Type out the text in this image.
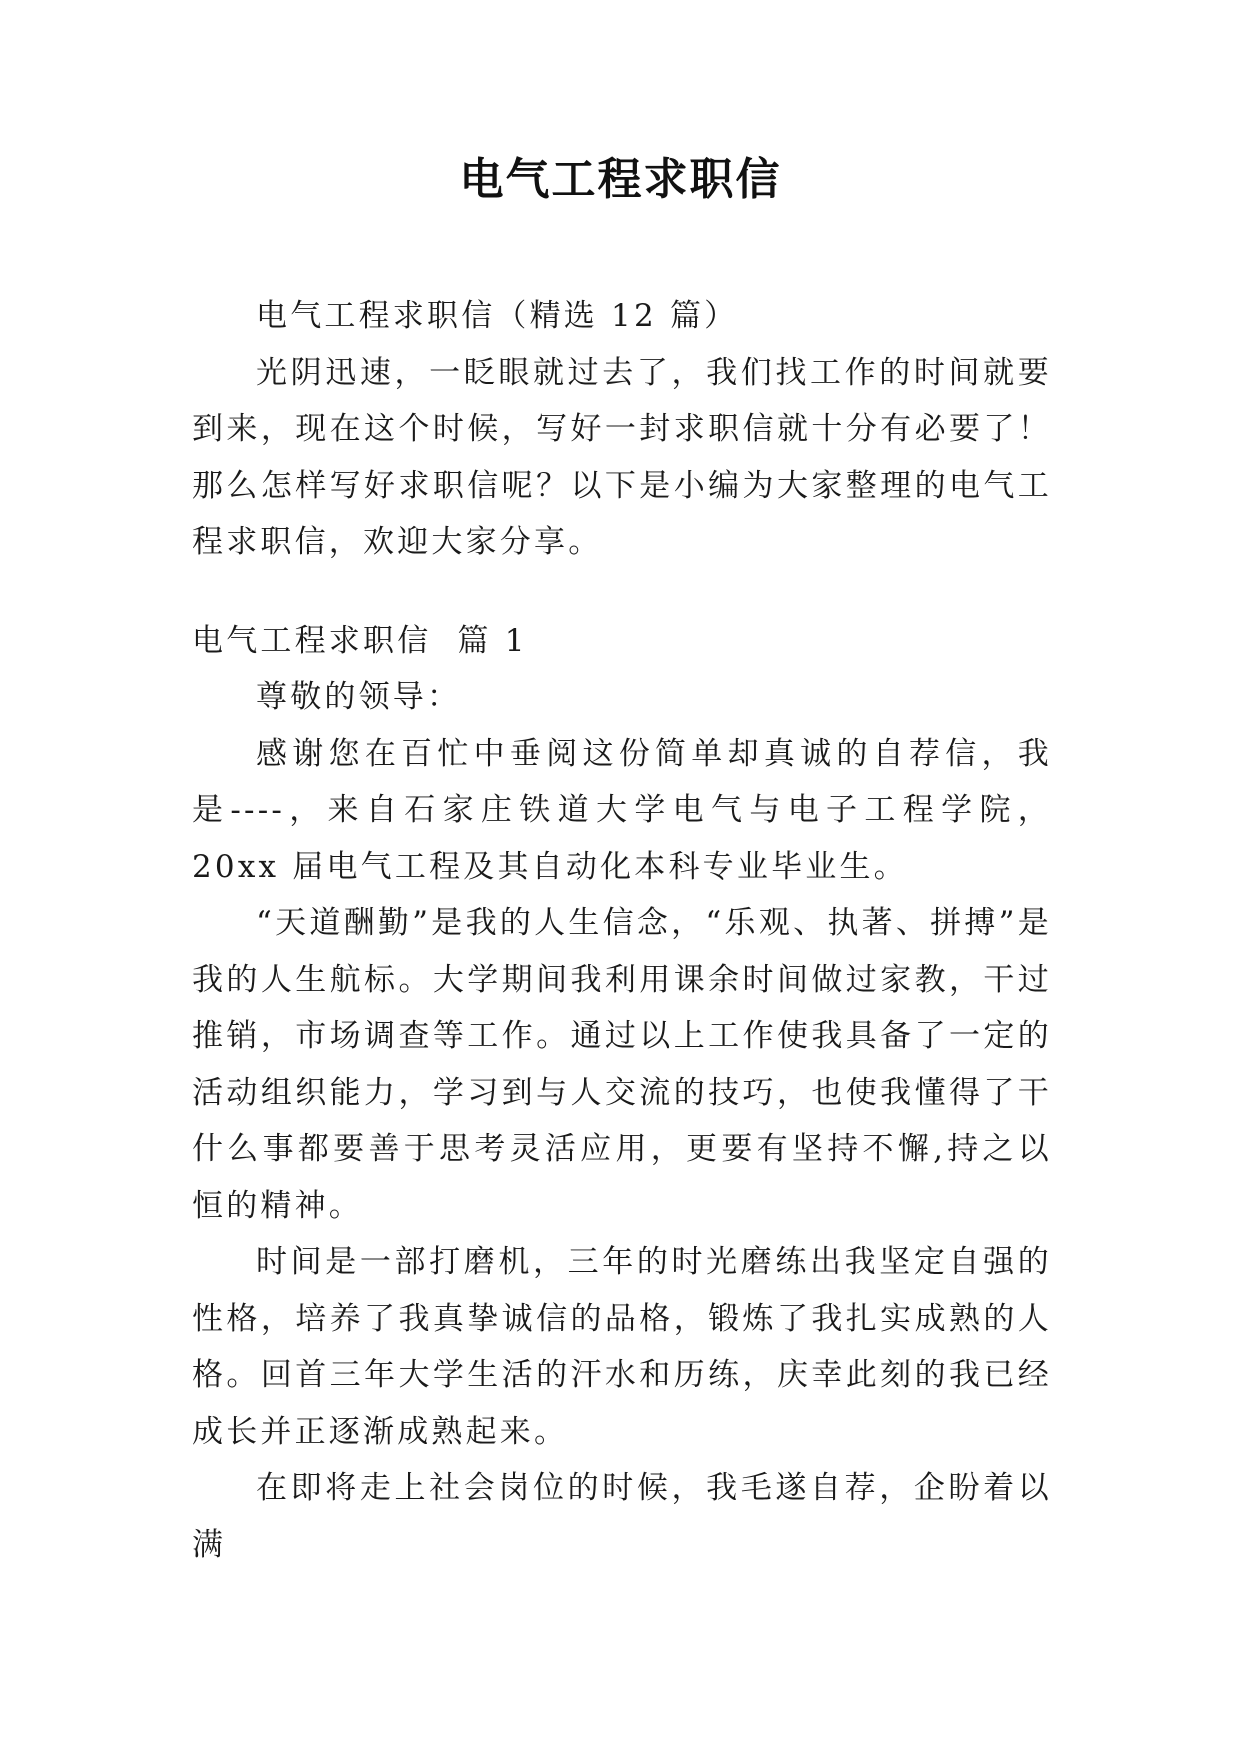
电气工程求职信

电气工程求职信（精选 12 篇）

光阴迅速，一眨眼就过去了，我们找工作的时间就要到来，现在这个时候，写好一封求职信就十分有必要了！那么怎样写好求职信呢？以下是小编为大家整理的电气工程求职信，欢迎大家分享。

电气工程求职信  篇 1

尊敬的领导：

感谢您在百忙中垂阅这份简单却真诚的自荐信，我是----，来自石家庄铁道大学电气与电子工程学院，20xx 届电气工程及其自动化本科专业毕业生。

“天道酬勤”是我的人生信念，“乐观、执著、拼搏”是我的人生航标。大学期间我利用课余时间做过家教，干过推销，市场调查等工作。通过以上工作使我具备了一定的活动组织能力，学习到与人交流的技巧，也使我懂得了干什么事都要善于思考灵活应用，更要有坚持不懈,持之以恒的精神。

时间是一部打磨机，三年的时光磨练出我坚定自强的性格，培养了我真挚诚信的品格，锻炼了我扎实成熟的人格。回首三年大学生活的汗水和历练，庆幸此刻的我已经成长并正逐渐成熟起来。

在即将走上社会岗位的时候，我毛遂自荐，企盼着以满
